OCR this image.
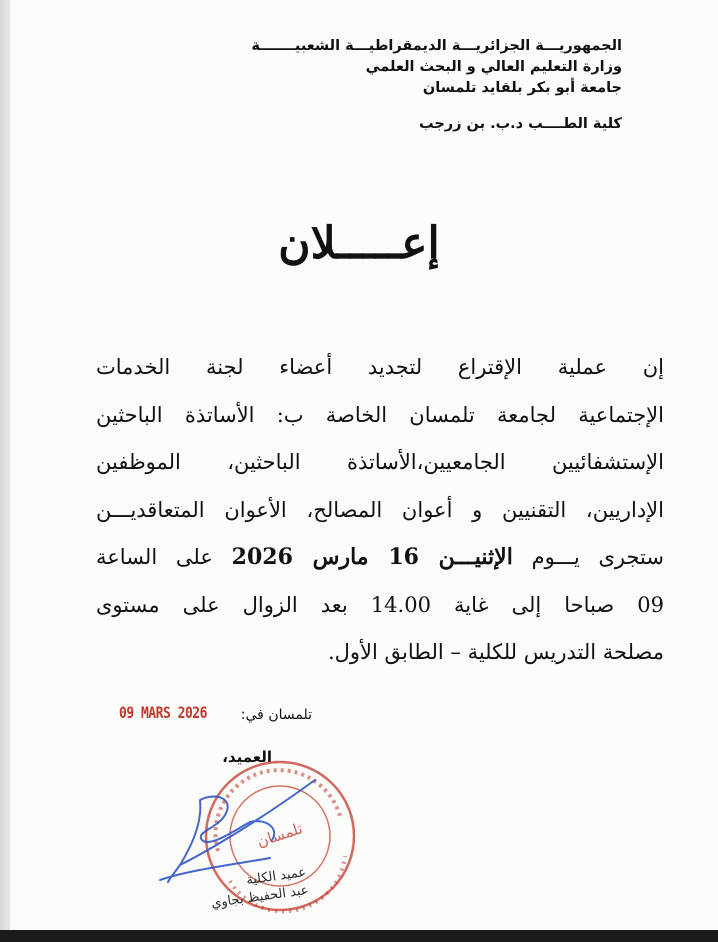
الجمهوريـــة الجزائريـــة الديمقراطيـــة الشعبيـــــــة
وزارة التعليم العالي و البحث العلمي
جامعة أبو بكر بلقايد تلمسان
كلية الطــــب د.ب. بن زرجب
إعـــــلان
إن عملية الإقتراع لتجديد أعضاء لجنة الخدمات
الإجتماعية لجامعة تلمسان الخاصة ب: الأساتذة الباحثين
الإستشفائيين الجامعيين،الأساتذة الباحثين، الموظفين
الإداريين، التقنيين و أعوان المصالح، الأعوان المتعاقديـــن
ستجرى يـــوم الإثنيـــن 16 مارس 2026 على الساعة
09 صباحا إلى غاية 14.00 بعد الزوال على مستوى
مصلحة التدريس للكلية – الطابق الأول.
تلمسان في:
09 MARS 2026
العميد،
تلمسان
عميد الكلية
عبد الحفيظ بجاوي
